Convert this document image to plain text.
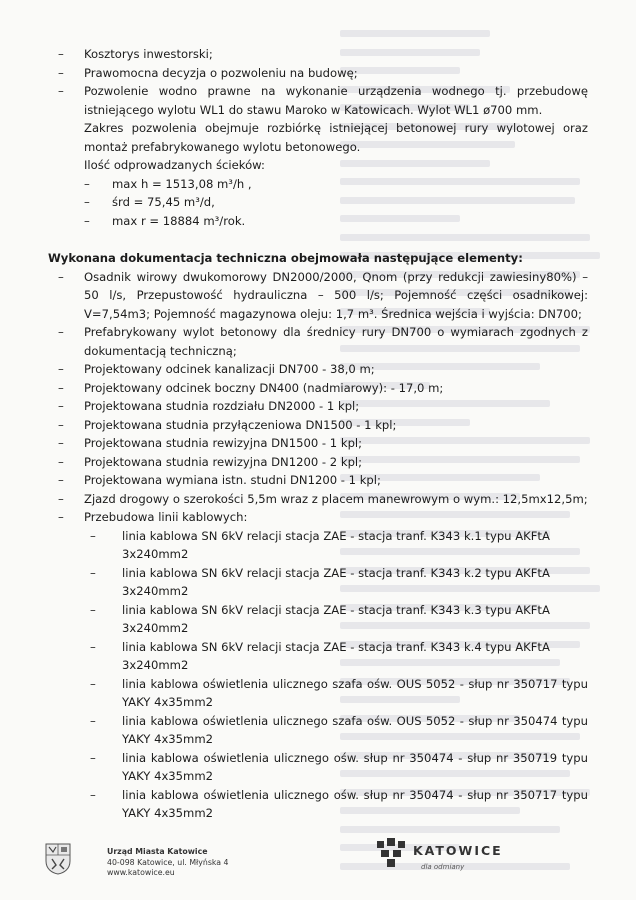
– Kosztorys inwestorski;
– Prawomocna decyzja o pozwoleniu na budowę;
– Pozwolenie wodno prawne na wykonanie urządzenia wodnego tj. przebudowę istniejącego wylotu WL1 do stawu Maroko w Katowicach. Wylot WL1 ø700 mm.
Zakres pozwolenia obejmuje rozbiórkę istniejącej betonowej rury wylotowej oraz montaż prefabrykowanego wylotu betonowego.
Ilość odprowadzanych ścieków:
– max h = 1513,08 m³/h ,
– śrd = 75,45 m³/d,
– max r = 18884 m³/rok.
Wykonana dokumentacja techniczna obejmowała następujące elementy:
– Osadnik wirowy dwukomorowy DN2000/2000, Qnom (przy redukcji zawiesiny80%) – 50 l/s, Przepustowość hydrauliczna – 500 l/s; Pojemność części osadnikowej: V=7,54m3; Pojemność magazynowa oleju: 1,7 m³. Średnica wejścia i wyjścia: DN700;
– Prefabrykowany wylot betonowy dla średnicy rury DN700 o wymiarach zgodnych z dokumentacją techniczną;
– Projektowany odcinek kanalizacji DN700 - 38,0 m;
– Projektowany odcinek boczny DN400 (nadmiarowy): - 17,0 m;
– Projektowana studnia rozdziału DN2000 - 1 kpl;
– Projektowana studnia przyłączeniowa DN1500 - 1 kpl;
– Projektowana studnia rewizyjna DN1500 - 1 kpl;
– Projektowana studnia rewizyjna DN1200 - 2 kpl;
– Projektowana wymiana istn. studni DN1200 - 1 kpl;
– Zjazd drogowy o szerokości 5,5m wraz z placem manewrowym o wym.: 12,5mx12,5m;
– Przebudowa linii kablowych:
– linia kablowa SN 6kV relacji stacja ZAE - stacja tranf. K343 k.1 typu AKFtA 3x240mm2
– linia kablowa SN 6kV relacji stacja ZAE - stacja tranf. K343 k.2 typu AKFtA 3x240mm2
– linia kablowa SN 6kV relacji stacja ZAE - stacja tranf. K343 k.3 typu AKFtA 3x240mm2
– linia kablowa SN 6kV relacji stacja ZAE - stacja tranf. K343 k.4 typu AKFtA 3x240mm2
– linia kablowa oświetlenia ulicznego szafa ośw. OUS 5052 - słup nr 350717 typu YAKY 4x35mm2
– linia kablowa oświetlenia ulicznego szafa ośw. OUS 5052 - słup nr 350474 typu YAKY 4x35mm2
– linia kablowa oświetlenia ulicznego ośw. słup nr 350474 - słup nr 350719 typu YAKY 4x35mm2
– linia kablowa oświetlenia ulicznego ośw. słup nr 350474 - słup nr 350717 typu YAKY 4x35mm2
Urząd Miasta Katowice
40-098 Katowice, ul. Młyńska 4
www.katowice.eu
KATOWICE
dla odmiany
